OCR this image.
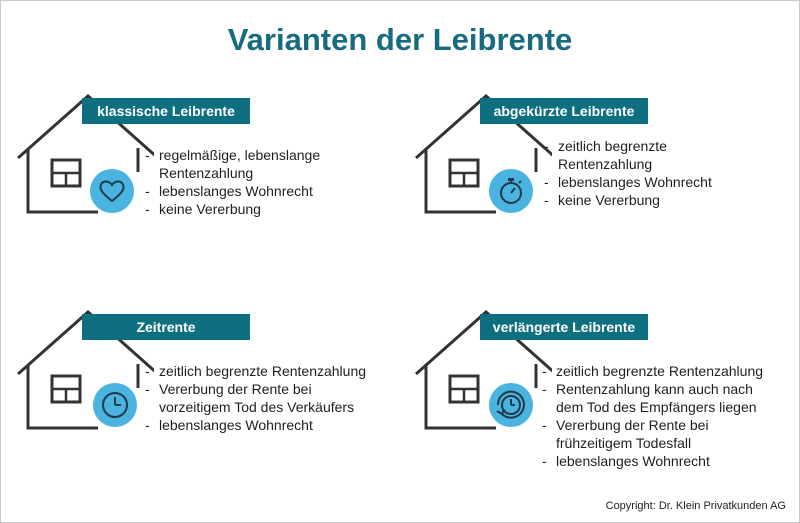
Varianten der Leibrente
klassische Leibrente
- regelmäßige, lebenslange Rentenzahlung
- lebenslanges Wohnrecht
- keine Vererbung
abgekürzte Leibrente
- zeitlich begrenzte Rentenzahlung
- lebenslanges Wohnrecht
- keine Vererbung
Zeitrente
- zeitlich begrenzte Rentenzahlung
- Vererbung der Rente bei vorzeitigem Tod des Verkäufers
- lebenslanges Wohnrecht
verlängerte Leibrente
- zeitlich begrenzte Rentenzahlung
- Rentenzahlung kann auch nach dem Tod des Empfängers liegen
- Vererbung der Rente bei frühzeitigem Todesfall
- lebenslanges Wohnrecht
Copyright: Dr. Klein Privatkunden AG
